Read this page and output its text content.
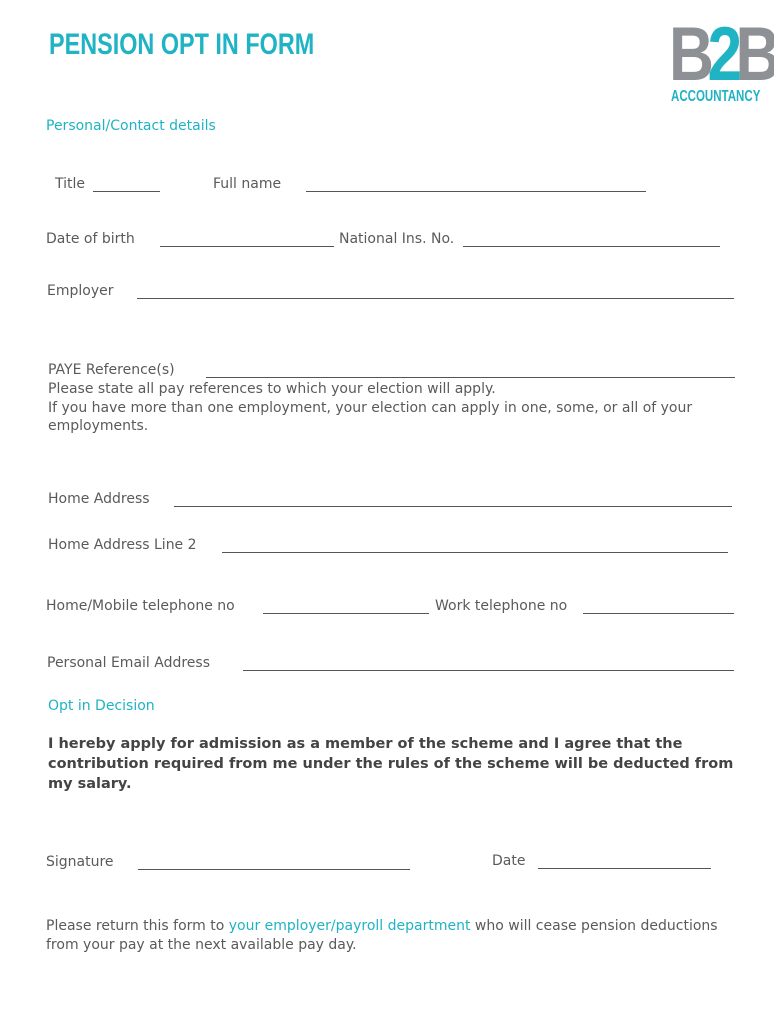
PENSION OPT IN FORM	B2B
ACCOUNTANCY
Personal/Contact details
Title	Full name
Date of birth	National Ins. No.
Employer
PAYE Reference(s)
Please state all pay references to which your election will apply.
If you have more than one employment, your election can apply in one, some, or all of your employments.
Home Address
Home Address Line 2
Home/Mobile telephone no	Work telephone no
Personal Email Address
Opt in Decision
I hereby apply for admission as a member of the scheme and I agree that the contribution required from me under the rules of the scheme will be deducted from my salary.
Signature	Date
Please return this form to your employer/payroll department who will cease pension deductions from your pay at the next available pay day.
